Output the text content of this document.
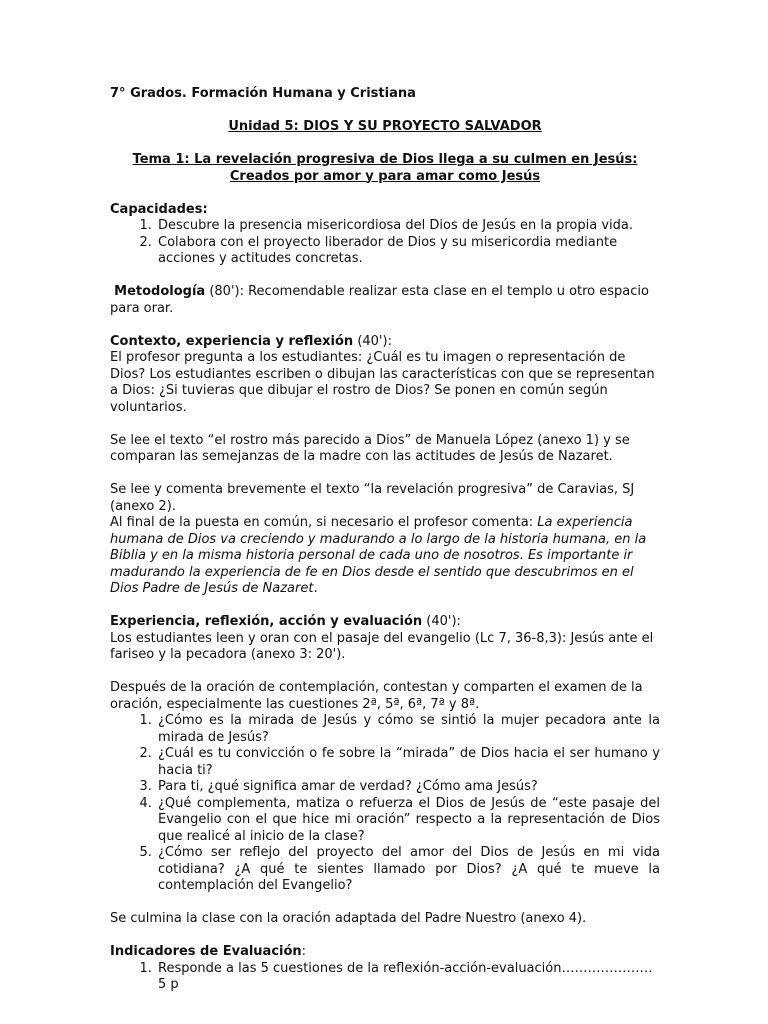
7° Grados. Formación Humana y Cristiana

Unidad 5: DIOS Y SU PROYECTO SALVADOR

Tema 1: La revelación progresiva de Dios llega a su culmen en Jesús:

Creados por amor y para amar como Jesús

Capacidades:

1. Descubre la presencia misericordiosa del Dios de Jesús en la propia vida.
2. Colabora con el proyecto liberador de Dios y su misericordia mediante acciones y actitudes concretas.

Metodología (80'): Recomendable realizar esta clase en el templo u otro espacio para orar.

Contexto, experiencia y reflexión (40'):

El profesor pregunta a los estudiantes: ¿Cuál es tu imagen o representación de Dios? Los estudiantes escriben o dibujan las características con que se representan a Dios: ¿Si tuvieras que dibujar el rostro de Dios? Se ponen en común según voluntarios.

Se lee el texto “el rostro más parecido a Dios” de Manuela López (anexo 1) y se comparan las semejanzas de la madre con las actitudes de Jesús de Nazaret.

Se lee y comenta brevemente el texto “la revelación progresiva” de Caravias, SJ (anexo 2).

Al final de la puesta en común, si necesario el profesor comenta: La experiencia humana de Dios va creciendo y madurando a lo largo de la historia humana, en la Biblia y en la misma historia personal de cada uno de nosotros. Es importante ir madurando la experiencia de fe en Dios desde el sentido que descubrimos en el Dios Padre de Jesús de Nazaret.

Experiencia, reflexión, acción y evaluación (40'):

Los estudiantes leen y oran con el pasaje del evangelio (Lc 7, 36-8,3): Jesús ante el fariseo y la pecadora (anexo 3: 20').

Después de la oración de contemplación, contestan y comparten el examen de la oración, especialmente las cuestiones 2ª, 5ª, 6ª, 7ª y 8ª.

1. ¿Cómo es la mirada de Jesús y cómo se sintió la mujer pecadora ante la mirada de Jesús?
2. ¿Cuál es tu convicción o fe sobre la “mirada” de Dios hacia el ser humano y hacia ti?
3. Para ti, ¿qué significa amar de verdad? ¿Cómo ama Jesús?
4. ¿Qué complementa, matiza o refuerza el Dios de Jesús de “este pasaje del Evangelio con el que hice mi oración” respecto a la representación de Dios que realicé al inicio de la clase?
5. ¿Cómo ser reflejo del proyecto del amor del Dios de Jesús en mi vida cotidiana? ¿A qué te sientes llamado por Dios? ¿A qué te mueve la contemplación del Evangelio?

Se culmina la clase con la oración adaptada del Padre Nuestro (anexo 4).

Indicadores de Evaluación:

1. Responde a las 5 cuestiones de la reflexión-acción-evaluación………………… 5 p
